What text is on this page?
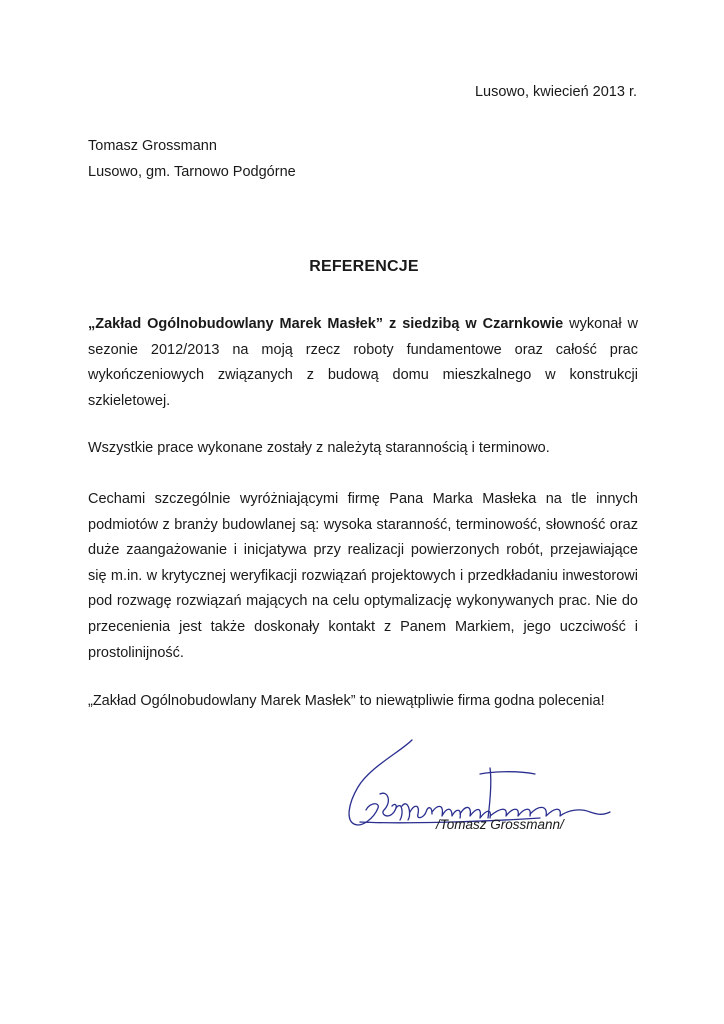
Lusowo, kwiecień 2013 r.
Tomasz Grossmann
Lusowo, gm. Tarnowo Podgórne
REFERENCJE
„Zakład Ogólnobudowlany Marek Masłek” z siedzibą w Czarnkowie wykonał w sezonie 2012/2013 na moją rzecz roboty fundamentowe oraz całość prac wykończeniowych związanych z budową domu mieszkalnego w konstrukcji szkieletowej.
Wszystkie prace wykonane zostały z należytą starannością i terminowo.
Cechami szczególnie wyróżniającymi firmę Pana Marka Masłeka na tle innych podmiotów z branży budowlanej są: wysoka staranność, terminowość, słowność oraz duże zaangażowanie i inicjatywa przy realizacji powierzonych robót, przejawiające się m.in. w krytycznej weryfikacji rozwiązań projektowych i przedkładaniu inwestorowi pod rozwagę rozwiązań mających na celu optymalizację wykonywanych prac. Nie do przecenienia jest także doskonały kontakt z Panem Markiem, jego uczciwość i prostolinijność.
„Zakład Ogólnobudowlany Marek Masłek” to niewątpliwie firma godna polecenia!
/Tomasz Grossmann/
